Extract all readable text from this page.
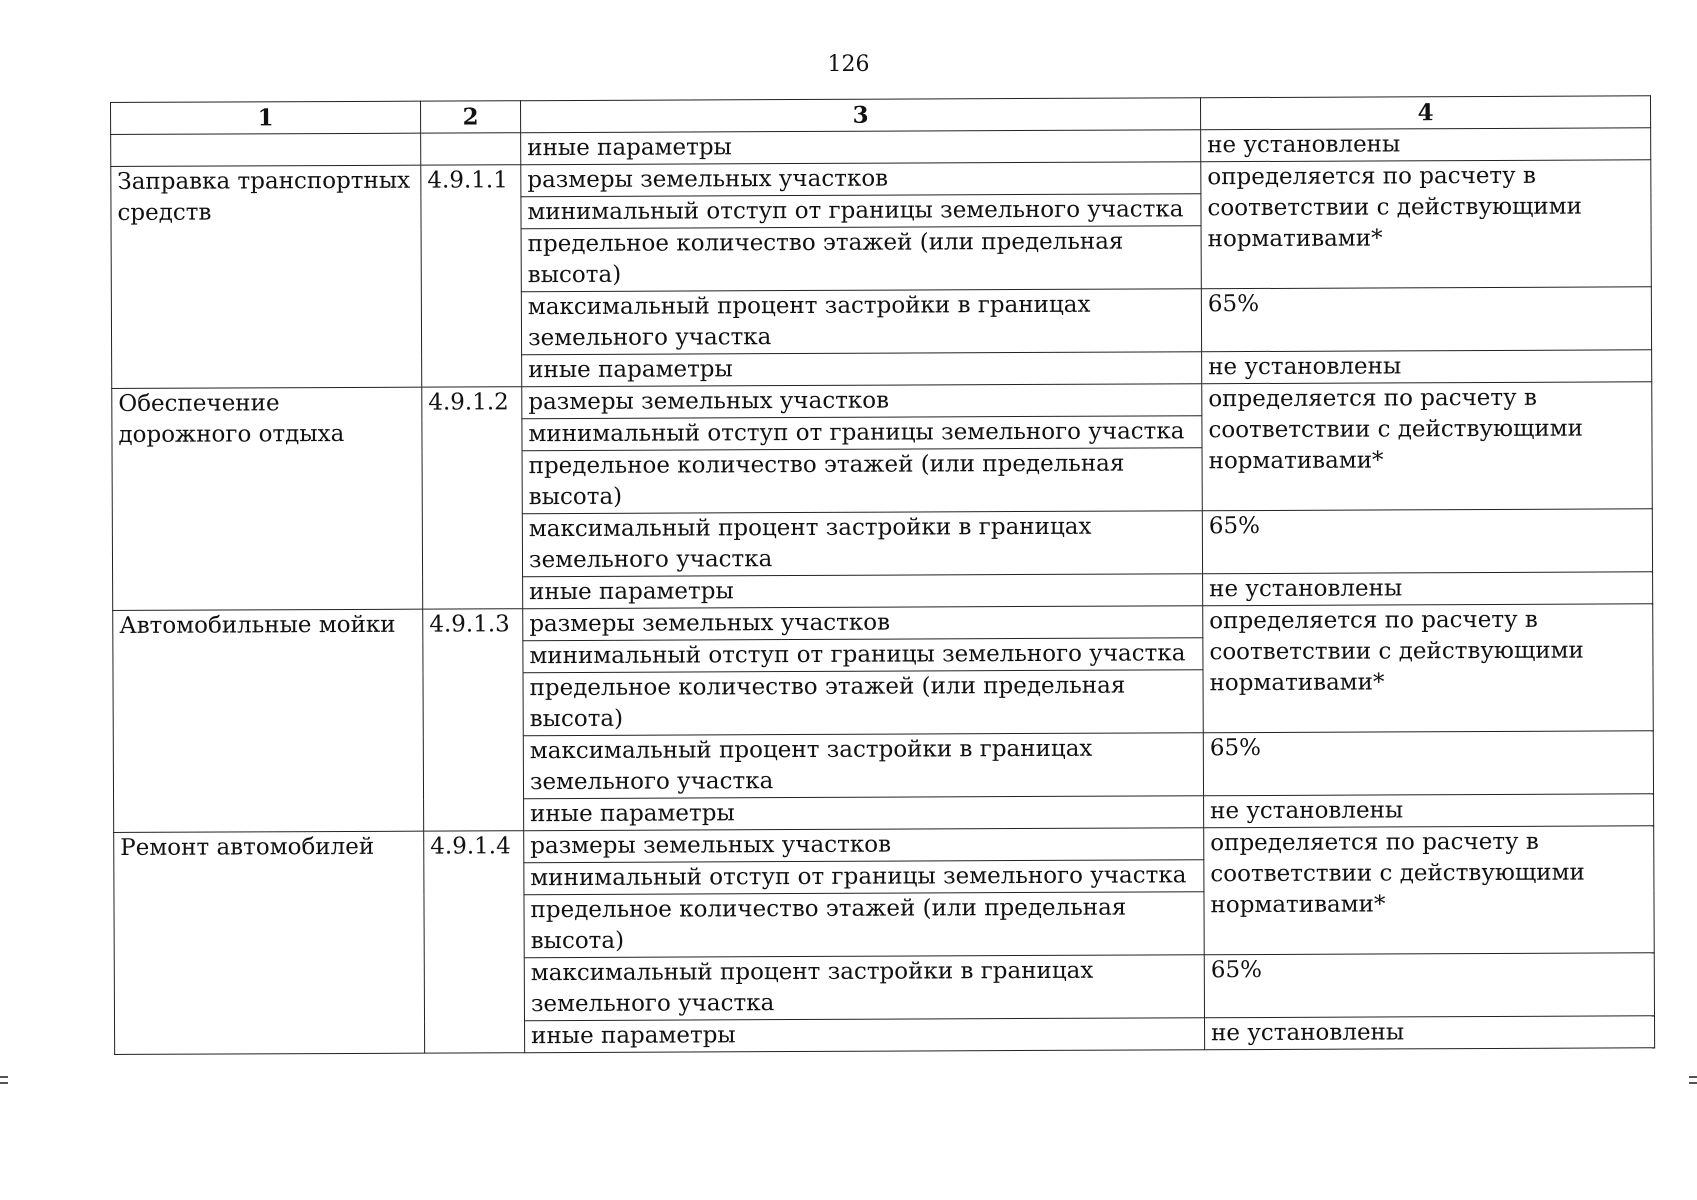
126
1	2	3	4
		иные параметры	не установлены
Заправка транспортных средств	4.9.1.1	размеры земельных участков	определяется по расчету в соответствии с действующими нормативами*
		минимальный отступ от границы земельного участка	
		предельное количество этажей (или предельная высота)	
		максимальный процент застройки в границах земельного участка	65%
		иные параметры	не установлены
Обеспечение дорожного отдыха	4.9.1.2	размеры земельных участков	определяется по расчету в соответствии с действующими нормативами*
		минимальный отступ от границы земельного участка	
		предельное количество этажей (или предельная высота)	
		максимальный процент застройки в границах земельного участка	65%
		иные параметры	не установлены
Автомобильные мойки	4.9.1.3	размеры земельных участков	определяется по расчету в соответствии с действующими нормативами*
		минимальный отступ от границы земельного участка	
		предельное количество этажей (или предельная высота)	
		максимальный процент застройки в границах земельного участка	65%
		иные параметры	не установлены
Ремонт автомобилей	4.9.1.4	размеры земельных участков	определяется по расчету в соответствии с действующими нормативами*
		минимальный отступ от границы земельного участка	
		предельное количество этажей (или предельная высота)	
		максимальный процент застройки в границах земельного участка	65%
		иные параметры	не установлены
